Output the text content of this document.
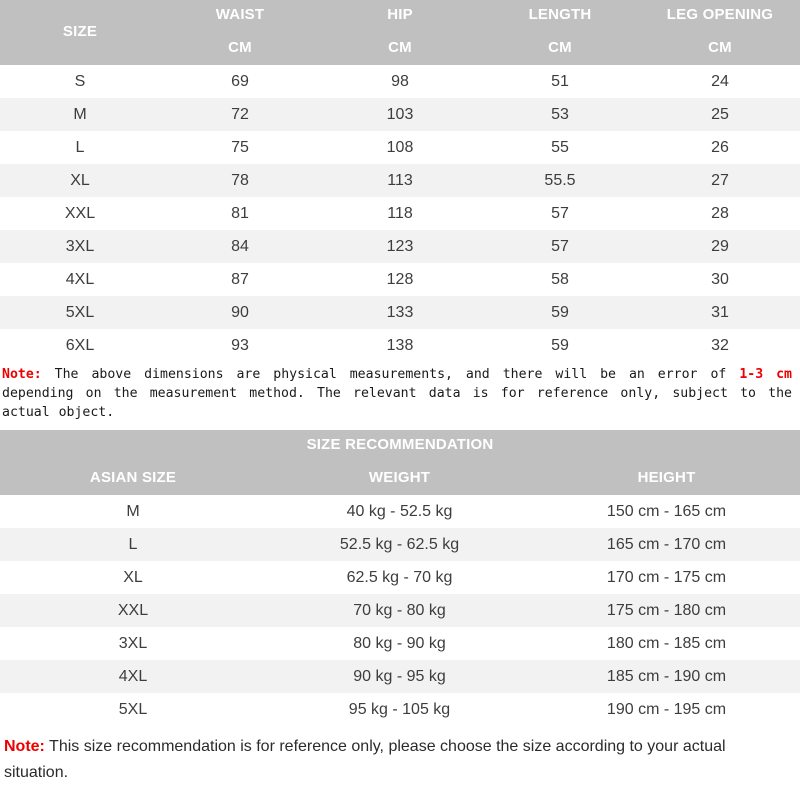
SIZE	WAIST	HIP	LENGTH	LEG OPENING
	CM	CM	CM	CM
S	69	98	51	24
M	72	103	53	25
L	75	108	55	26
XL	78	113	55.5	27
XXL	81	118	57	28
3XL	84	123	57	29
4XL	87	128	58	30
5XL	90	133	59	31
6XL	93	138	59	32
Note: The above dimensions are physical measurements, and there will be an error of 1-3 cm depending on the measurement method. The relevant data is for reference only, subject to the actual object.
SIZE RECOMMENDATION		
ASIAN SIZE	WEIGHT	HEIGHT
M	40 kg - 52.5 kg	150 cm - 165 cm
L	52.5 kg - 62.5 kg	165 cm - 170 cm
XL	62.5 kg - 70 kg	170 cm - 175 cm
XXL	70 kg - 80 kg	175 cm - 180 cm
3XL	80 kg - 90 kg	180 cm - 185 cm
4XL	90 kg - 95 kg	185 cm - 190 cm
5XL	95 kg - 105 kg	190 cm - 195 cm
Note: This size recommendation is for reference only, please choose the size according to your actual situation.
